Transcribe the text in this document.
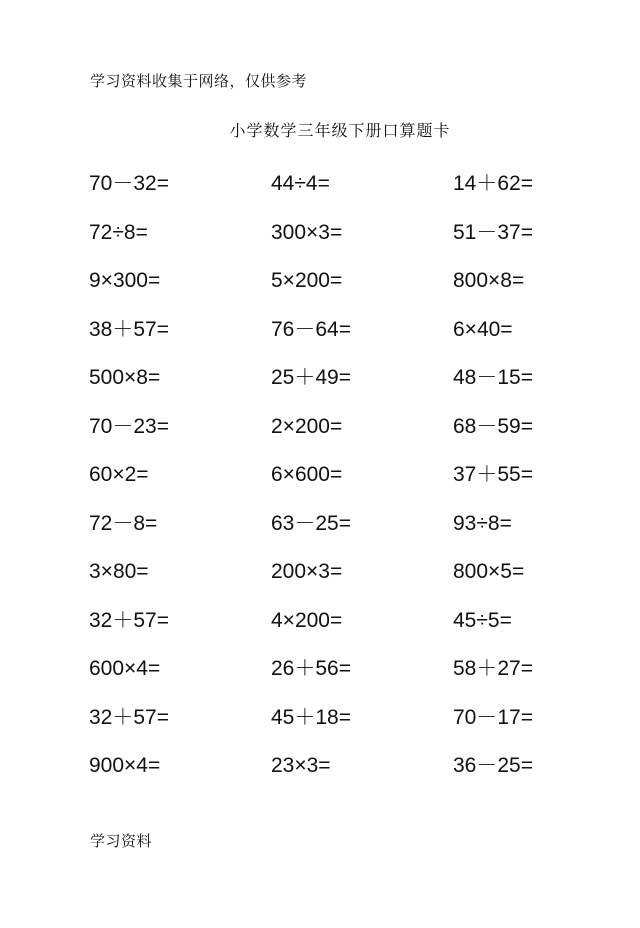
学习资料收集于网络，仅供参考
小学数学三年级下册口算题卡
70－32=	44÷4=	14＋62=
72÷8=	300×3=	51－37=
9×300=	5×200=	800×8=
38＋57=	76－64=	6×40=
500×8=	25＋49=	48－15=
70－23=	2×200=	68－59=
60×2=	6×600=	37＋55=
72－8=	63－25=	93÷8=
3×80=	200×3=	800×5=
32＋57=	4×200=	45÷5=
600×4=	26＋56=	58＋27=
32＋57=	45＋18=	70－17=
900×4=	23×3=	36－25=
学习资料
